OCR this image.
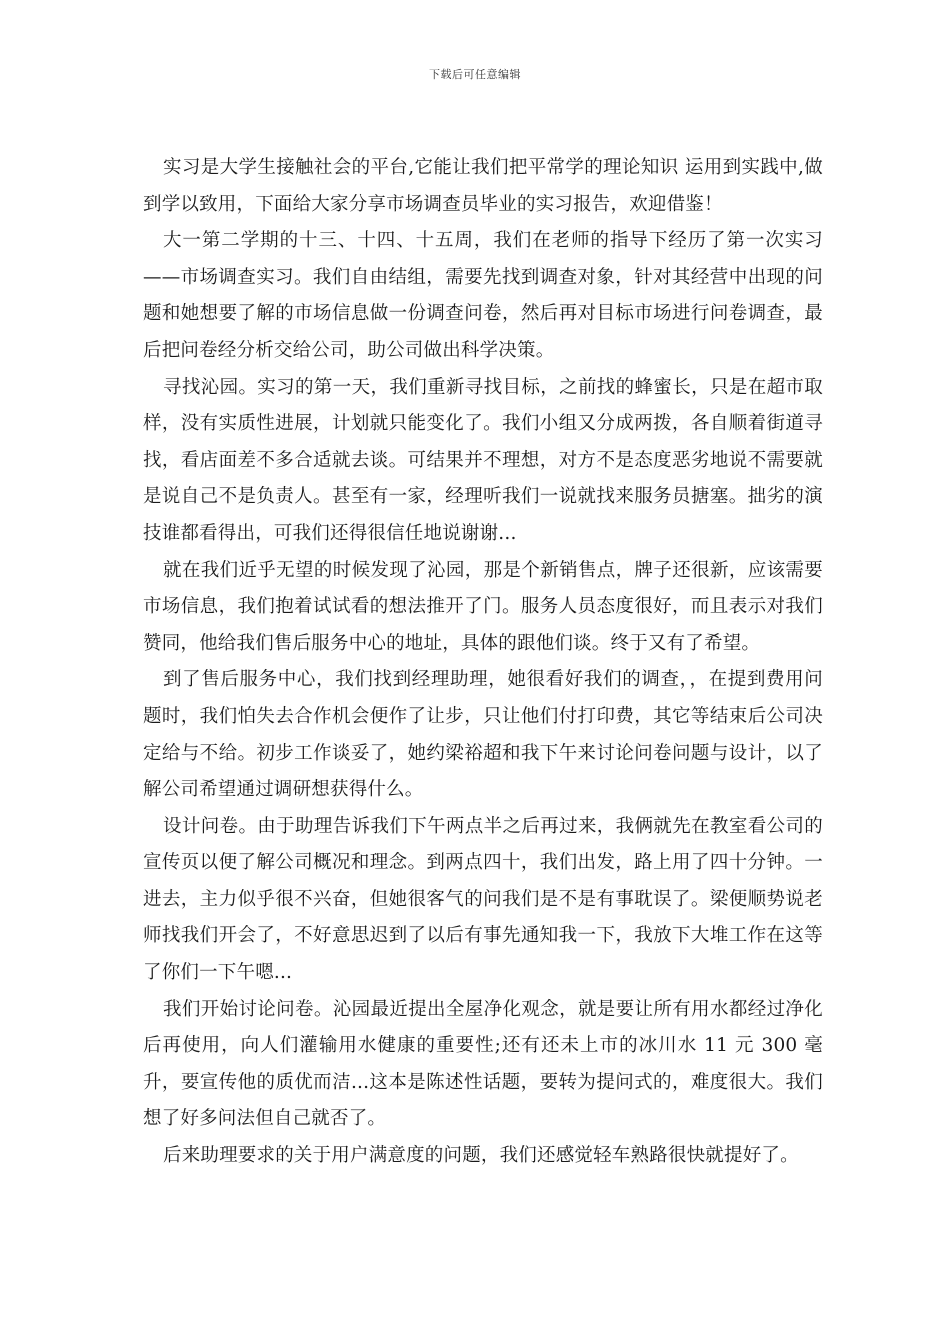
下载后可任意编辑

实习是大学生接触社会的平台,它能让我们把平常学的理论知识 运用到实践中,做到学以致用，下面给大家分享市场调查员毕业的实习报告，欢迎借鉴！

大一第二学期的十三、十四、十五周，我们在老师的指导下经历了第一次实习——市场调查实习。我们自由结组，需要先找到调查对象，针对其经营中出现的问题和她想要了解的市场信息做一份调查问卷，然后再对目标市场进行问卷调查，最后把问卷经分析交给公司，助公司做出科学决策。

寻找沁园。实习的第一天，我们重新寻找目标，之前找的蜂蜜长，只是在超市取样，没有实质性进展，计划就只能变化了。我们小组又分成两拨，各自顺着街道寻找，看店面差不多合适就去谈。可结果并不理想，对方不是态度恶劣地说不需要就是说自己不是负责人。甚至有一家，经理听我们一说就找来服务员搪塞。拙劣的演技谁都看得出，可我们还得很信任地说谢谢...

就在我们近乎无望的时候发现了沁园，那是个新销售点，牌子还很新，应该需要市场信息，我们抱着试试看的想法推开了门。服务人员态度很好，而且表示对我们赞同，他给我们售后服务中心的地址，具体的跟他们谈。终于又有了希望。

到了售后服务中心，我们找到经理助理，她很看好我们的调查，，在提到费用问题时，我们怕失去合作机会便作了让步，只让他们付打印费，其它等结束后公司决定给与不给。初步工作谈妥了，她约梁裕超和我下午来讨论问卷问题与设计，以了解公司希望通过调研想获得什么。

设计问卷。由于助理告诉我们下午两点半之后再过来，我俩就先在教室看公司的宣传页以便了解公司概况和理念。到两点四十，我们出发，路上用了四十分钟。一进去，主力似乎很不兴奋，但她很客气的问我们是不是有事耽误了。梁便顺势说老师找我们开会了，不好意思迟到了以后有事先通知我一下，我放下大堆工作在这等了你们一下午嗯...

我们开始讨论问卷。沁园最近提出全屋净化观念，就是要让所有用水都经过净化后再使用，向人们灌输用水健康的重要性;还有还未上市的冰川水 11 元 300 毫升，要宣传他的质优而洁...这本是陈述性话题，要转为提问式的，难度很大。我们想了好多问法但自己就否了。

后来助理要求的关于用户满意度的问题，我们还感觉轻车熟路很快就提好了。
